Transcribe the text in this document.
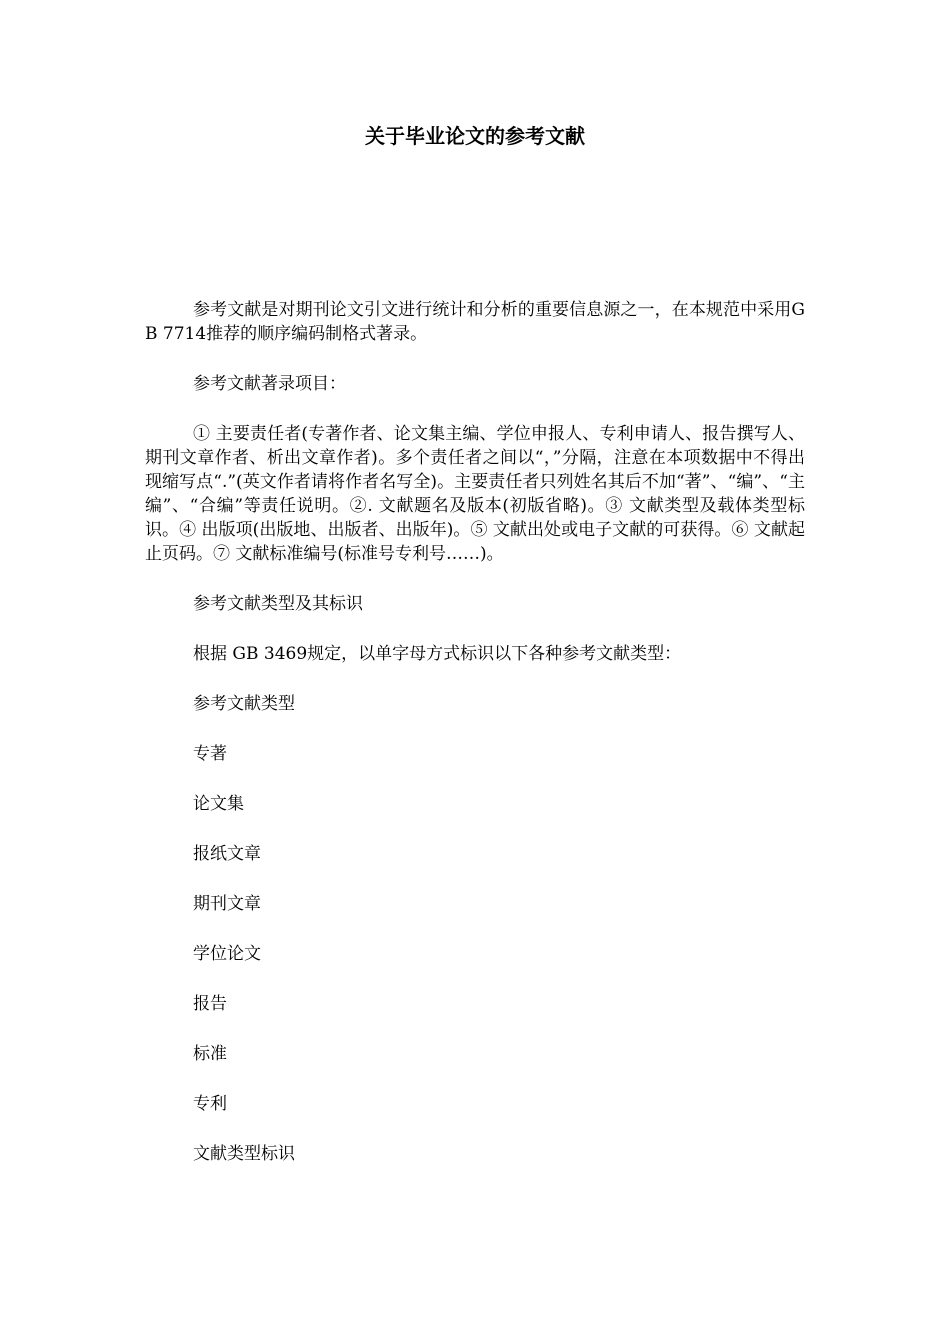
关于毕业论文的参考文献

参考文献是对期刊论文引文进行统计和分析的重要信息源之一，在本规范中采用GB 7714推荐的顺序编码制格式著录。

参考文献著录项目：

① 主要责任者(专著作者、论文集主编、学位申报人、专利申请人、报告撰写人、期刊文章作者、析出文章作者)。多个责任者之间以“，”分隔，注意在本项数据中不得出现缩写点“.”(英文作者请将作者名写全)。主要责任者只列姓名其后不加“著”、“编”、“主编”、“合编”等责任说明。②. 文献题名及版本(初版省略)。③ 文献类型及载体类型标识。④ 出版项(出版地、出版者、出版年)。⑤ 文献出处或电子文献的可获得。⑥ 文献起止页码。⑦ 文献标准编号(标准号专利号……)。

参考文献类型及其标识

根据 GB 3469规定，以单字母方式标识以下各种参考文献类型：

参考文献类型

专著

论文集

报纸文章

期刊文章

学位论文

报告

标准

专利

文献类型标识
